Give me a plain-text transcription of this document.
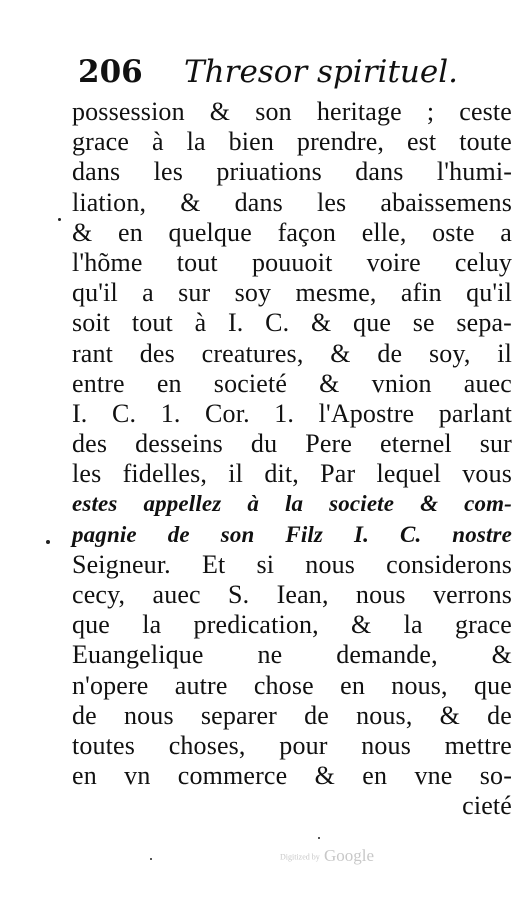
206 Thresor spirituel.
possession & son heritage ; ceste
grace à la bien prendre, est toute
dans les priuations dans l'humi-
liation, & dans les abaissemens
& en quelque façon elle, oste a
l'hõme tout pouuoit voire celuy
qu'il a sur soy mesme, afin qu'il
soit tout à I. C. & que se sepa-
rant des creatures, & de soy, il
entre en societé & vnion auec
I. C. 1. Cor. 1. l'Apostre parlant
des desseins du Pere eternel sur
les fidelles, il dit, Par lequel vous
estes appellez à la societe & com-
pagnie de son Filz I. C. nostre
Seigneur. Et si nous considerons
cecy, auec S. Iean, nous verrons
que la predication, & la grace
Euangelique ne demande, &
n'opere autre chose en nous, que
de nous separer de nous, & de
toutes choses, pour nous mettre
en vn commerce & en vne so-
cieté
Digitized by Google
